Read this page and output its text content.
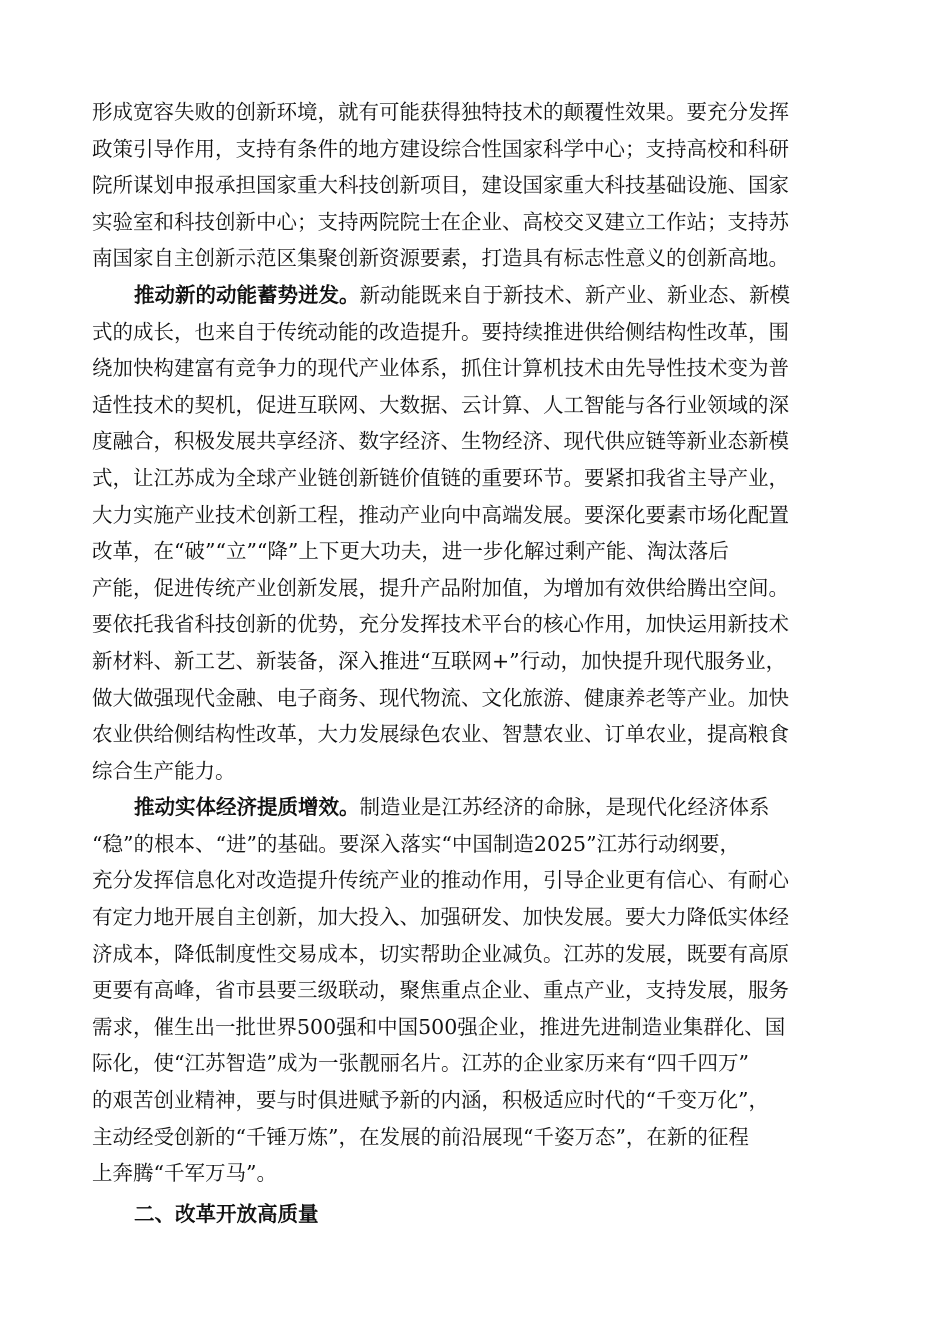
形成宽容失败的创新环境，就有可能获得独特技术的颠覆性效果。要充分发挥
政策引导作用，支持有条件的地方建设综合性国家科学中心；支持高校和科研
院所谋划申报承担国家重大科技创新项目，建设国家重大科技基础设施、国家
实验室和科技创新中心；支持两院院士在企业、高校交叉建立工作站；支持苏
南国家自主创新示范区集聚创新资源要素，打造具有标志性意义的创新高地。
推动新的动能蓄势迸发。新动能既来自于新技术、新产业、新业态、新模
式的成长，也来自于传统动能的改造提升。要持续推进供给侧结构性改革，围
绕加快构建富有竞争力的现代产业体系，抓住计算机技术由先导性技术变为普
适性技术的契机，促进互联网、大数据、云计算、人工智能与各行业领域的深
度融合，积极发展共享经济、数字经济、生物经济、现代供应链等新业态新模
式，让江苏成为全球产业链创新链价值链的重要环节。要紧扣我省主导产业，
大力实施产业技术创新工程，推动产业向中高端发展。要深化要素市场化配置
改革，在“破”“立”“降”上下更大功夫，进一步化解过剩产能、淘汰落后
产能，促进传统产业创新发展，提升产品附加值，为增加有效供给腾出空间。
要依托我省科技创新的优势，充分发挥技术平台的核心作用，加快运用新技术
新材料、新工艺、新装备，深入推进“互联网+”行动，加快提升现代服务业，
做大做强现代金融、电子商务、现代物流、文化旅游、健康养老等产业。加快
农业供给侧结构性改革，大力发展绿色农业、智慧农业、订单农业，提高粮食
综合生产能力。
推动实体经济提质增效。制造业是江苏经济的命脉，是现代化经济体系
“稳”的根本、“进”的基础。要深入落实“中国制造2025”江苏行动纲要，
充分发挥信息化对改造提升传统产业的推动作用，引导企业更有信心、有耐心
有定力地开展自主创新，加大投入、加强研发、加快发展。要大力降低实体经
济成本，降低制度性交易成本，切实帮助企业减负。江苏的发展，既要有高原
更要有高峰，省市县要三级联动，聚焦重点企业、重点产业，支持发展，服务
需求，催生出一批世界500强和中国500强企业，推进先进制造业集群化、国
际化，使“江苏智造”成为一张靓丽名片。江苏的企业家历来有“四千四万”
的艰苦创业精神，要与时俱进赋予新的内涵，积极适应时代的“千变万化”，
主动经受创新的“千锤万炼”，在发展的前沿展现“千姿万态”，在新的征程
上奔腾“千军万马”。
二、改革开放高质量
